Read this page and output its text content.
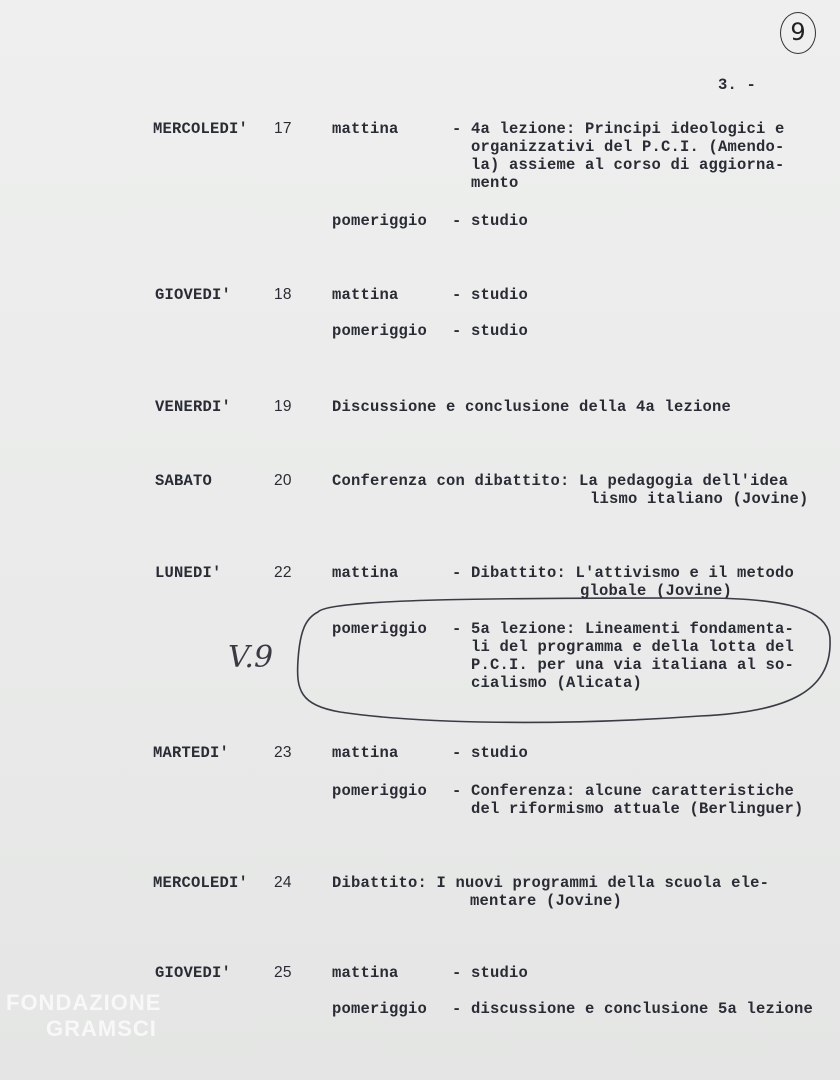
9

3. -

MERCOLEDI' 17	mattina	- 4a lezione: Principi ideologici e

organizzativi del P.C.I. (Amendo-

la) assieme al corso di aggiorna-

mento

pomeriggio - studio

GIOVEDI'	18	mattina	- studio

pomeriggio - studio

VENERDI'	19	Discussione e conclusione della 4a lezione

SABATO	20	Conferenza con dibattito: La pedagogia dell'idea

lismo italiano (Jovine)

LUNEDI'	22	mattina	- Dibattito: L'attivismo e il metodo

globale (Jovine)

pomeriggio - 5a lezione: Lineamenti fondamenta-

li del programma e della lotta del

P.C.I. per una via italiana al so-

cialismo (Alicata)

V.9

MARTEDI'	23	mattina	- studio

pomeriggio - Conferenza: alcune caratteristiche

del riformismo attuale (Berlinguer)

MERCOLEDI' 24	Dibattito: I nuovi programmi della scuola ele-

mentare (Jovine)

GIOVEDI'	25	mattina	- studio

pomeriggio - discussione e conclusione 5a lezione

FONDAZIONE
GRAMSCI
